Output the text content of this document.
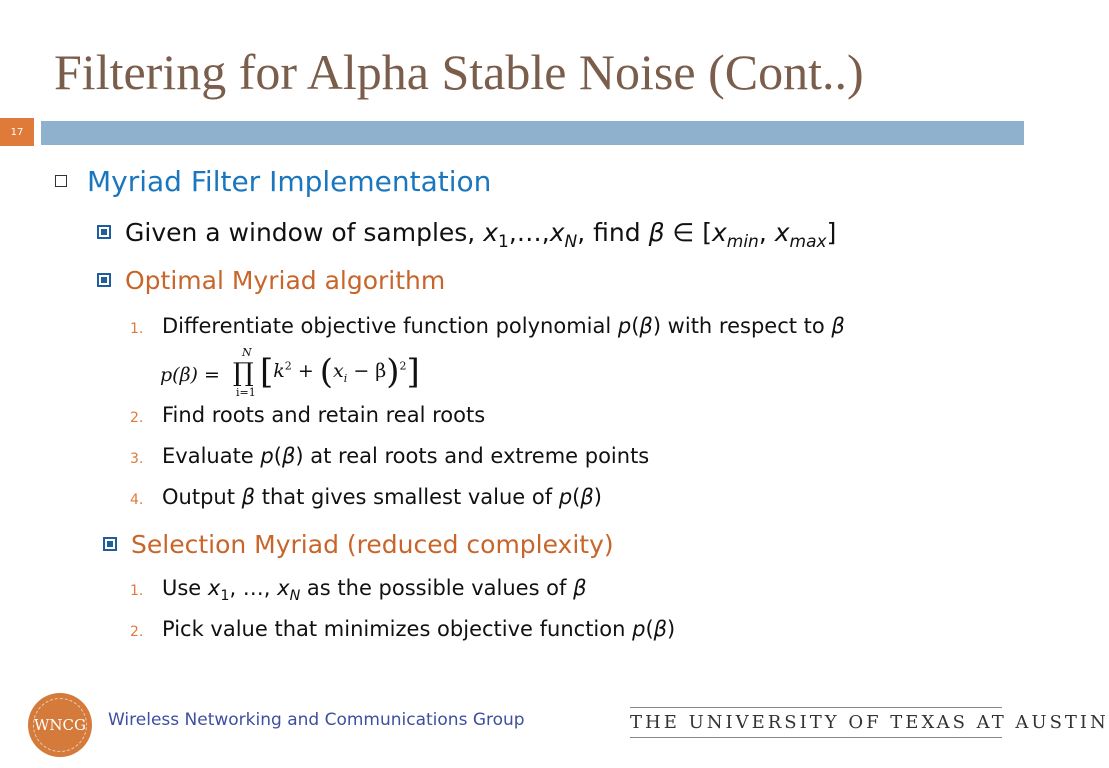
Filtering for Alpha Stable Noise (Cont..)
17
Myriad Filter Implementation
Given a window of samples, $x_1,\dots,x_N$, find β ∈ [$x_{min}$, $x_{max}$]
Optimal Myriad algorithm
1. Differentiate objective function polynomial p(β) with respect to β
p(β) =
N
∏
i=1
$[k^2 + (x_i - \beta)^2]$
2. Find roots and retain real roots
3. Evaluate p(β) at real roots and extreme points
4. Output β that gives smallest value of p(β)
Selection Myriad (reduced complexity)
1. Use $x_1$, …, $x_N$ as the possible values of β
2. Pick value that minimizes objective function p(β)
WNCG Wireless Networking and Communications Group	THE UNIVERSITY OF TEXAS AT AUSTIN
